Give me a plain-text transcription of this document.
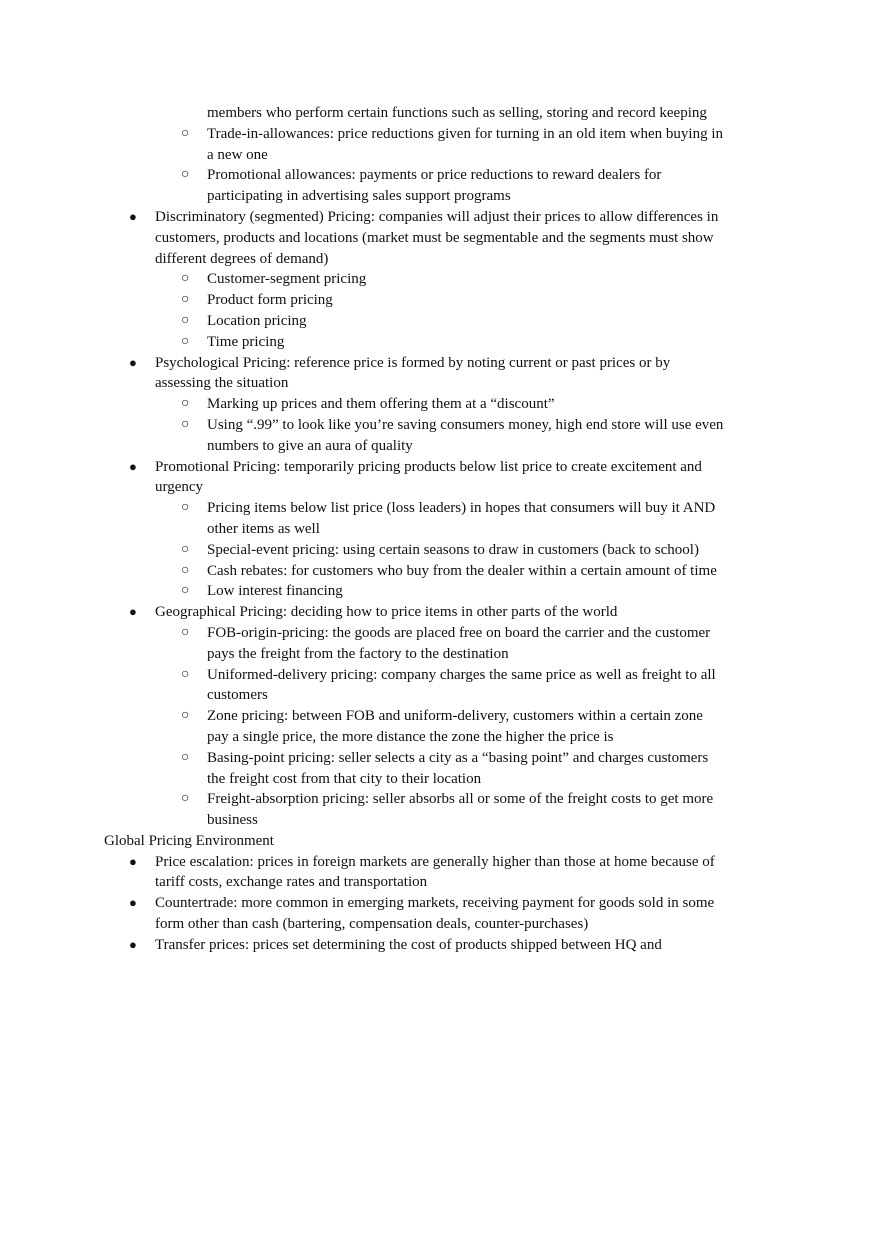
members who perform certain functions such as selling, storing and record keeping
○ Trade-in-allowances: price reductions given for turning in an old item when buying in a new one
○ Promotional allowances: payments or price reductions to reward dealers for participating in advertising sales support programs
● Discriminatory (segmented) Pricing: companies will adjust their prices to allow differences in customers, products and locations (market must be segmentable and the segments must show different degrees of demand)
○ Customer-segment pricing
○ Product form pricing
○ Location pricing
○ Time pricing
● Psychological Pricing: reference price is formed by noting current or past prices or by assessing the situation
○ Marking up prices and them offering them at a “discount”
○ Using “.99” to look like you’re saving consumers money, high end store will use even numbers to give an aura of quality
● Promotional Pricing: temporarily pricing products below list price to create excitement and urgency
○ Pricing items below list price (loss leaders) in hopes that consumers will buy it AND other items as well
○ Special-event pricing: using certain seasons to draw in customers (back to school)
○ Cash rebates: for customers who buy from the dealer within a certain amount of time
○ Low interest financing
● Geographical Pricing: deciding how to price items in other parts of the world
○ FOB-origin-pricing: the goods are placed free on board the carrier and the customer pays the freight from the factory to the destination
○ Uniformed-delivery pricing: company charges the same price as well as freight to all customers
○ Zone pricing: between FOB and uniform-delivery, customers within a certain zone pay a single price, the more distance the zone the higher the price is
○ Basing-point pricing: seller selects a city as a “basing point” and charges customers the freight cost from that city to their location
○ Freight-absorption pricing: seller absorbs all or some of the freight costs to get more business
Global Pricing Environment
● Price escalation: prices in foreign markets are generally higher than those at home because of tariff costs, exchange rates and transportation
● Countertrade: more common in emerging markets, receiving payment for goods sold in some form other than cash (bartering, compensation deals, counter-purchases)
● Transfer prices: prices set determining the cost of products shipped between HQ and
